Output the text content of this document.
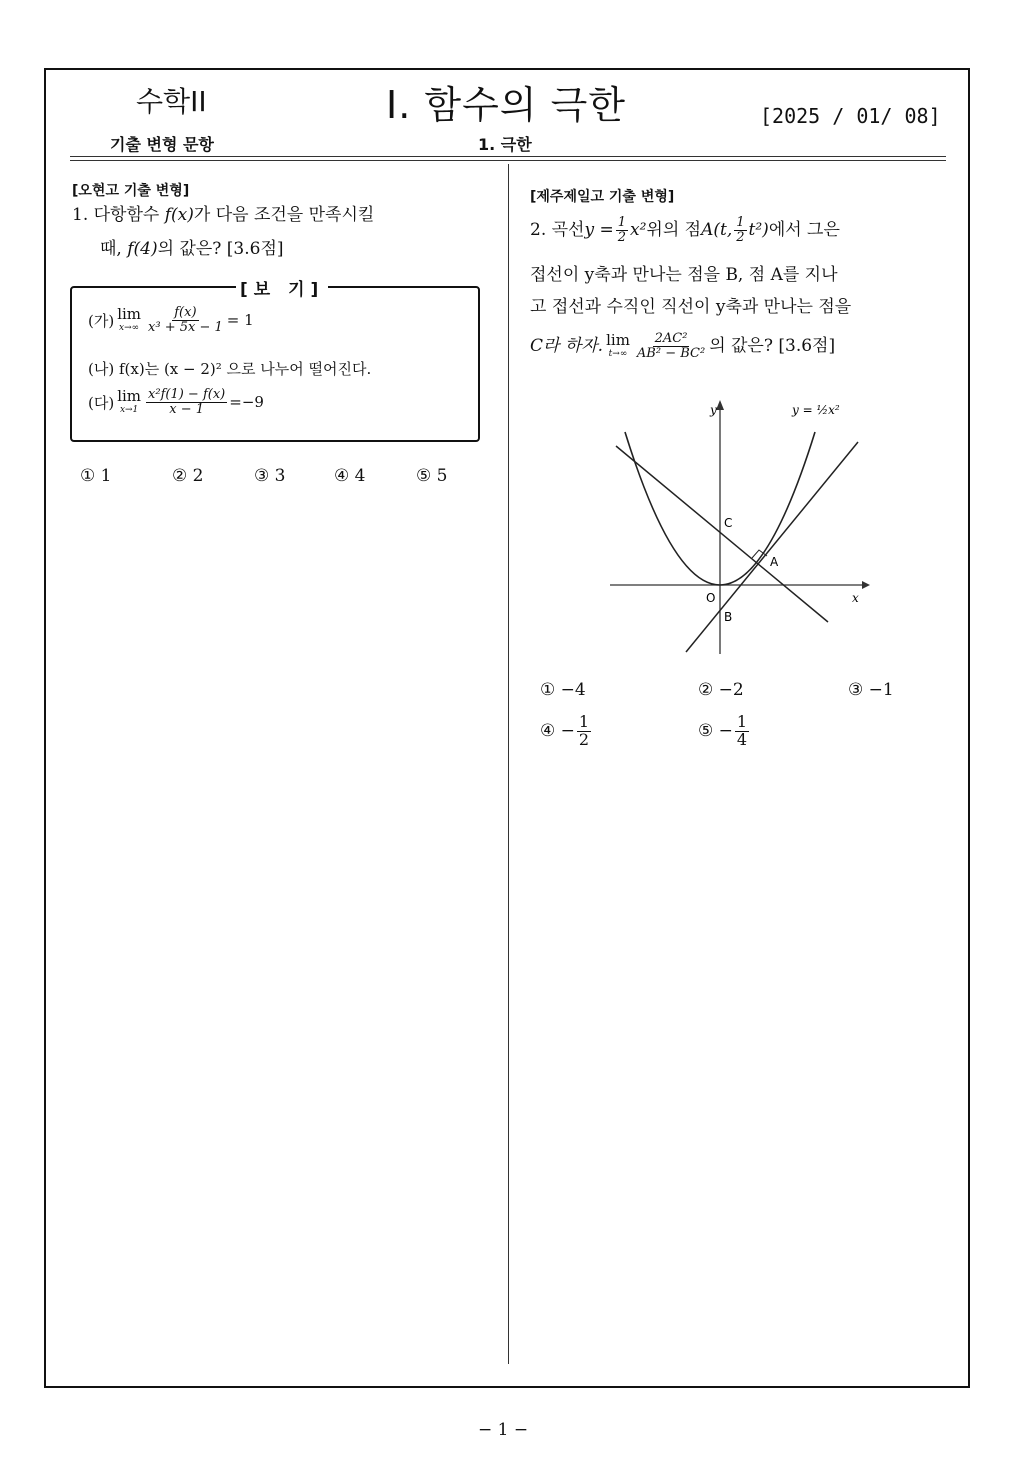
수학II	I. 함수의 극한	[2025 / 01/ 08]
기출 변형 문항	1. 극한
[오현고 기출 변형]
1. 다항함수 f(x)가 다음 조건을 만족시킬
때, f(4)의 값은? [3.6점]
[보 기]
(가) lim
$x\to\infty \frac{f(x)}{\text{x³ + 5x − 1}} = 1$
(나)
f(x)는 (x − 2)² 으로 나누어 떨어진다.
(다) lim
$x\to 1 \frac{\text{x²f(1) − f(x)}}{x - 1} =-9$
① 1	② 2	③ 3	④ 4	⑤ 5
[제주제일고 기출 변형]
2. 곡선 $y = \frac{1}{2} x^2$ 위의 점 A(t, $\frac{1}{2} t^2$) 에서 그은
접선이 y축과 만나는 점을 B, 점 A를 지나
고 접선과 수직인 직선이 y축과 만나는 점을
C라 하자. lim
$t\to\infty \frac{\text{2AC²}}{\text{AB² − BC²}}$ 의 값은? [3.6점]
y
x
y = ½x²
O
C
A
B
① −4	② −2	③ −1
④ − $\frac{1}{2}$	⑤ − $\frac{1}{4}$
− 1 −
